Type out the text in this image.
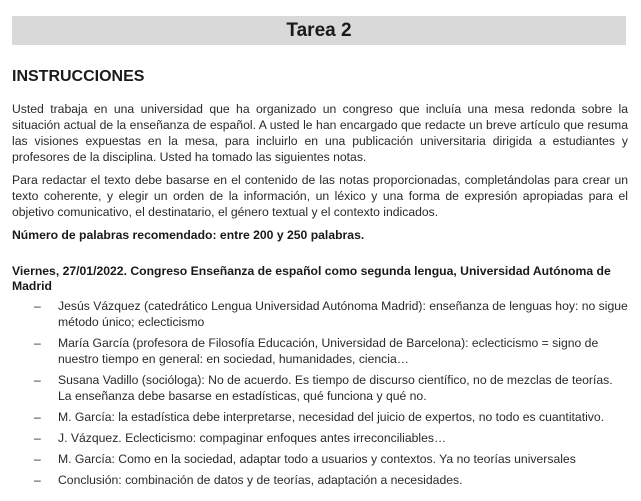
Tarea 2
INSTRUCCIONES

Usted trabaja en una universidad que ha organizado un congreso que incluía una mesa redonda sobre la situación actual de la enseñanza de español. A usted le han encargado que redacte un breve artículo que resuma las visiones expuestas en la mesa, para incluirlo en una publicación universitaria dirigida a estudiantes y profesores de la disciplina. Usted ha tomado las siguientes notas.

Para redactar el texto debe basarse en el contenido de las notas proporcionadas, completándolas para crear un texto coherente, y elegir un orden de la información, un léxico y una forma de expresión apropiadas para el objetivo comunicativo, el destinatario, el género textual y el contexto indicados.

Número de palabras recomendado: entre 200 y 250 palabras.

Viernes, 27/01/2022. Congreso Enseñanza de español como segunda lengua, Universidad Autónoma de Madrid

– Jesús Vázquez (catedrático Lengua Universidad Autónoma Madrid): enseñanza de lenguas hoy: no sigue método único; eclecticismo
– María García (profesora de Filosofía Educación, Universidad de Barcelona): eclecticismo = signo de nuestro tiempo en general: en sociedad, humanidades, ciencia…
– Susana Vadillo (socióloga): No de acuerdo. Es tiempo de discurso científico, no de mezclas de teorías. La enseñanza debe basarse en estadísticas, qué funciona y qué no.
– M. García: la estadística debe interpretarse, necesidad del juicio de expertos, no todo es cuantitativo.
– J. Vázquez. Eclecticismo: compaginar enfoques antes irreconciliables…
– M. García: Como en la sociedad, adaptar todo a usuarios y contextos. Ya no teorías universales
– Conclusión: combinación de datos y de teorías, adaptación a necesidades.
